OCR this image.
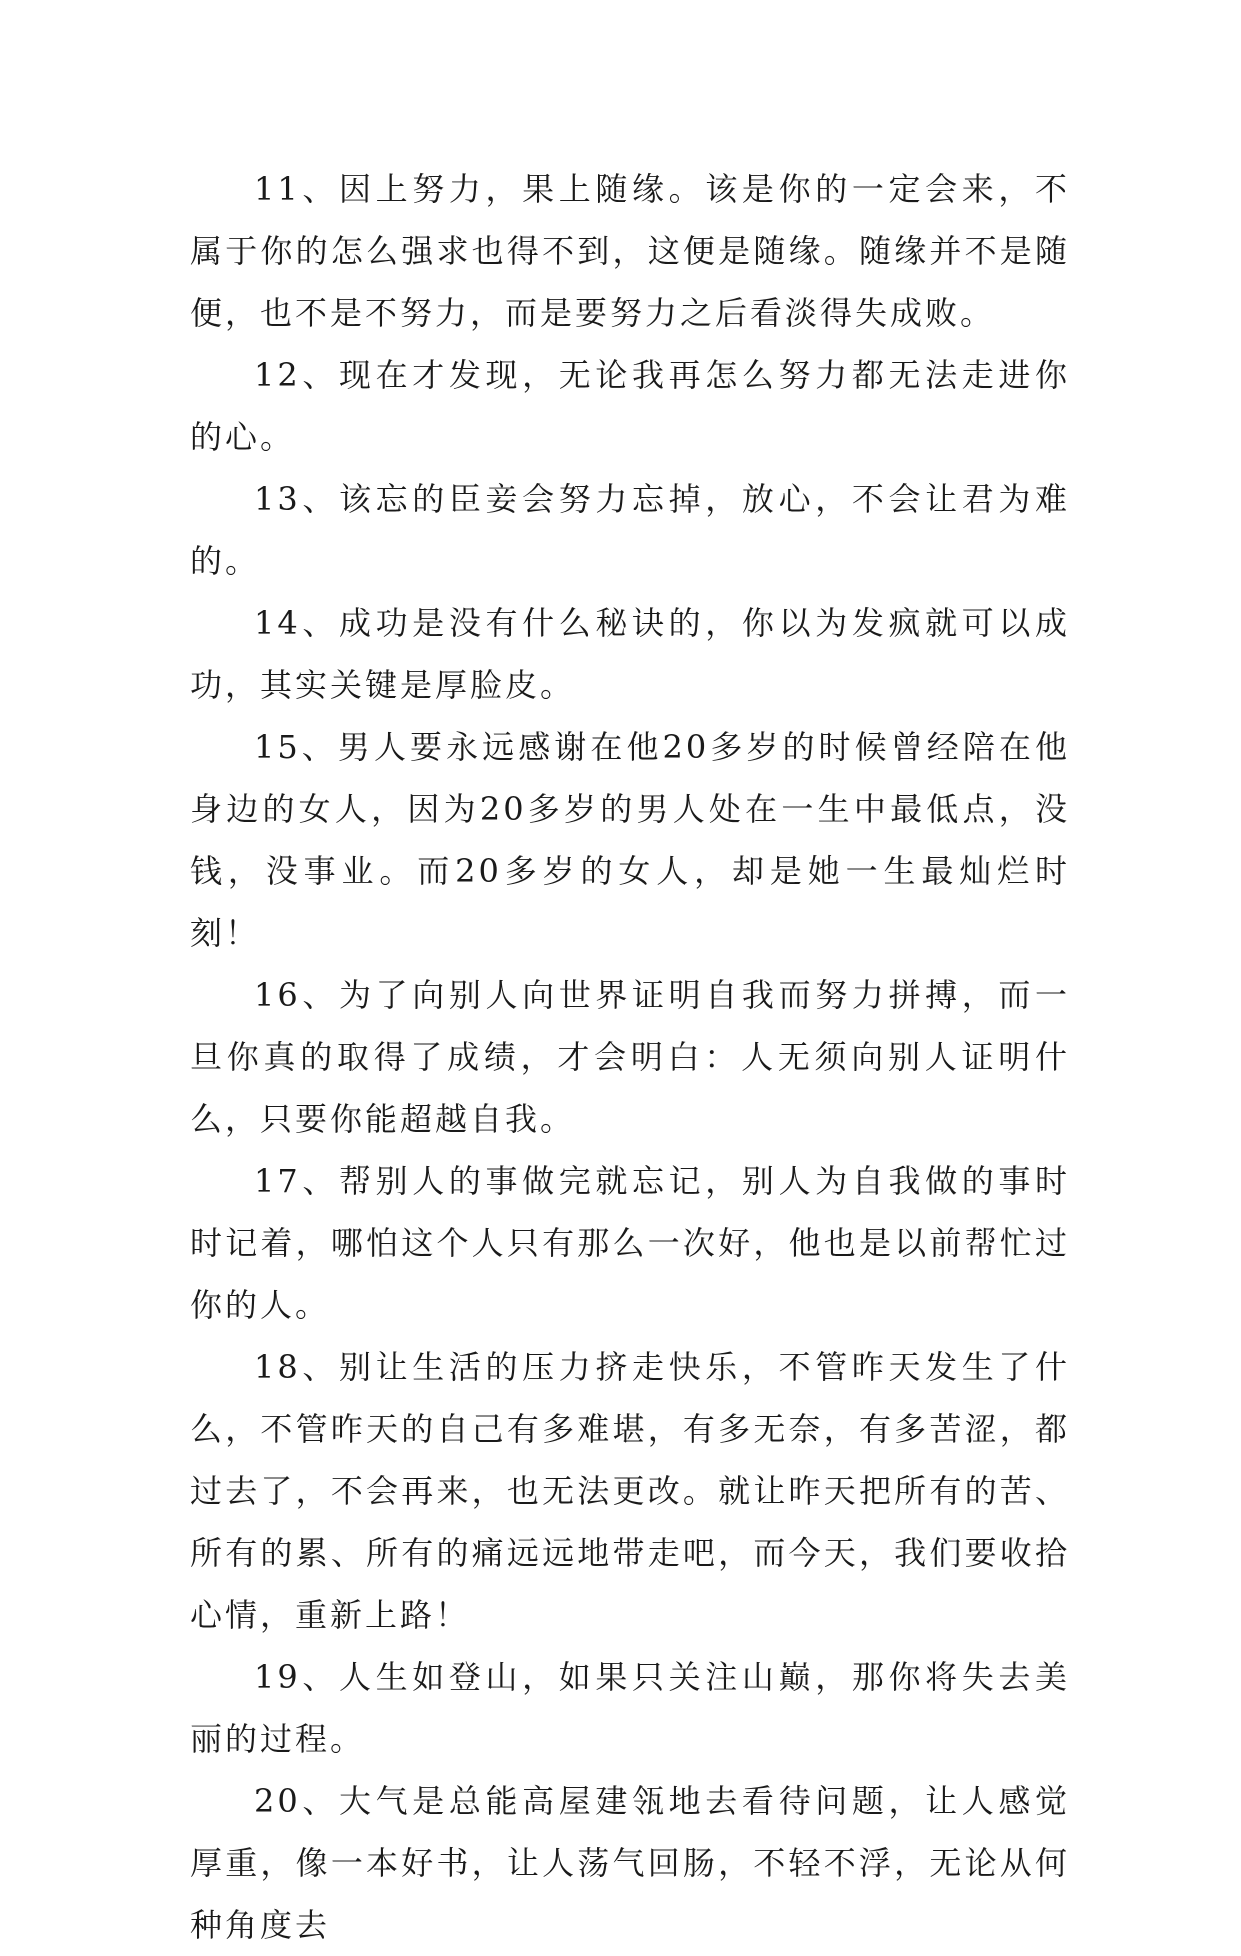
11、因上努力，果上随缘。该是你的一定会来，不属于你的怎么强求也得不到，这便是随缘。随缘并不是随便，也不是不努力，而是要努力之后看淡得失成败。

12、现在才发现，无论我再怎么努力都无法走进你的心。

13、该忘的臣妾会努力忘掉，放心，不会让君为难的。

14、成功是没有什么秘诀的，你以为发疯就可以成功，其实关键是厚脸皮。

15、男人要永远感谢在他20多岁的时候曾经陪在他身边的女人，因为20多岁的男人处在一生中最低点，没钱，没事业。而20多岁的女人，却是她一生最灿烂时刻！

16、为了向别人向世界证明自我而努力拼搏，而一旦你真的取得了成绩，才会明白：人无须向别人证明什么，只要你能超越自我。

17、帮别人的事做完就忘记，别人为自我做的事时时记着，哪怕这个人只有那么一次好，他也是以前帮忙过你的人。

18、别让生活的压力挤走快乐，不管昨天发生了什么，不管昨天的自己有多难堪，有多无奈，有多苦涩，都过去了，不会再来，也无法更改。就让昨天把所有的苦、所有的累、所有的痛远远地带走吧，而今天，我们要收拾心情，重新上路！

19、人生如登山，如果只关注山巅，那你将失去美丽的过程。

20、大气是总能高屋建瓴地去看待问题，让人感觉厚重，像一本好书，让人荡气回肠，不轻不浮，无论从何种角度去
